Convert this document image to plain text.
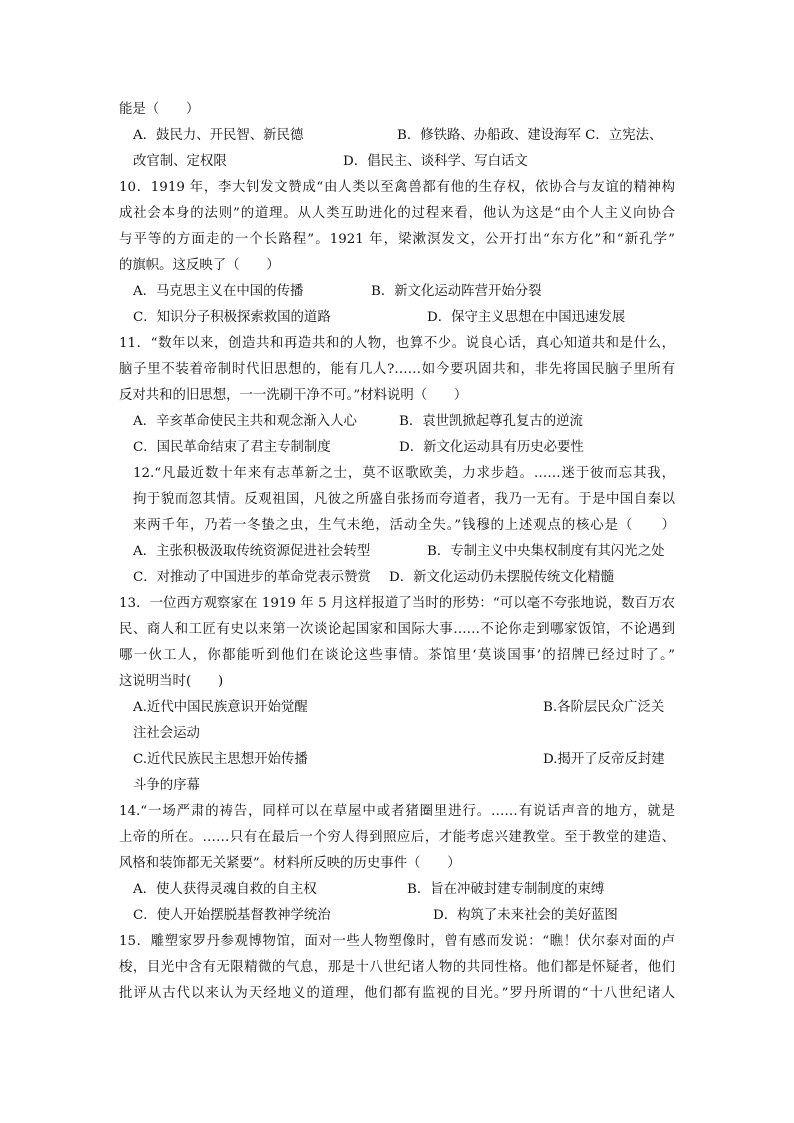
能是（　　）
A．鼓民力、开民智、新民德	B．修铁路、办船政、建设海军 C．立宪法、
改官制、定权限	D．倡民主、谈科学、写白话文
10．1919 年，李大钊发文赞成“由人类以至禽兽都有他的生存权，依协合与友谊的精神构
成社会本身的法则”的道理。从人类互助进化的过程来看，他认为这是“由个人主义向协合
与平等的方面走的一个长路程”。1921 年，梁漱溟发文，公开打出“东方化”和“新孔学”
的旗帜。这反映了（　　）
A．马克思主义在中国的传播	B．新文化运动阵营开始分裂
C．知识分子积极探索救国的道路	D．保守主义思想在中国迅速发展
11．“数年以来，创造共和再造共和的人物，也算不少。说良心话，真心知道共和是什么，
脑子里不装着帝制时代旧思想的，能有几人?……如今要巩固共和，非先将国民脑子里所有
反对共和的旧思想，一一洗刷干净不可。”材料说明（　　）
A．辛亥革命使民主共和观念渐入人心	B．袁世凯掀起尊孔复古的逆流
C．国民革命结束了君主专制制度	D．新文化运动具有历史必要性
12.“凡最近数十年来有志革新之士，莫不讴歌欧美，力求步趋。……迷于彼而忘其我，
拘于貌而忽其情。反观祖国，凡彼之所盛自张扬而夸道者，我乃一无有。于是中国自秦以
来两千年，乃若一冬蛰之虫，生气未绝，活动全失。”钱穆的上述观点的核心是（　　）
A．主张积极汲取传统资源促进社会转型	B．专制主义中央集权制度有其闪光之处
C．对推动了中国进步的革命党表示赞赏 D．新文化运动仍未摆脱传统文化精髓
13．一位西方观察家在 1919 年 5 月这样报道了当时的形势：“可以毫不夸张地说，数百万农
民、商人和工匠有史以来第一次谈论起国家和国际大事……不论你走到哪家饭馆，不论遇到
哪一伙工人，你都能听到他们在谈论这些事情。茶馆里‘莫谈国事’的招牌已经过时了。”
这说明当时(　　)
A.近代中国民族意识开始觉醒	B.各阶层民众广泛关
注社会运动
C.近代民族民主思想开始传播	D.揭开了反帝反封建
斗争的序幕
14.“一场严肃的祷告，同样可以在草屋中或者猪圈里进行。……有说话声音的地方，就是
上帝的所在。……只有在最后一个穷人得到照应后，才能考虑兴建教堂。至于教堂的建造、
风格和装饰都无关紧要”。材料所反映的历史事件（　　）
A．使人获得灵魂自救的自主权	B．旨在冲破封建专制制度的束缚
C．使人开始摆脱基督教神学统治	D．构筑了未来社会的美好蓝图
15．雕塑家罗丹参观博物馆，面对一些人物塑像时，曾有感而发说：“瞧！伏尔泰对面的卢
梭，目光中含有无限精微的气息，那是十八世纪诸人物的共同性格。他们都是怀疑者，他们
批评从古代以来认为天经地义的道理，他们都有监视的目光。”罗丹所谓的“十八世纪诸人
